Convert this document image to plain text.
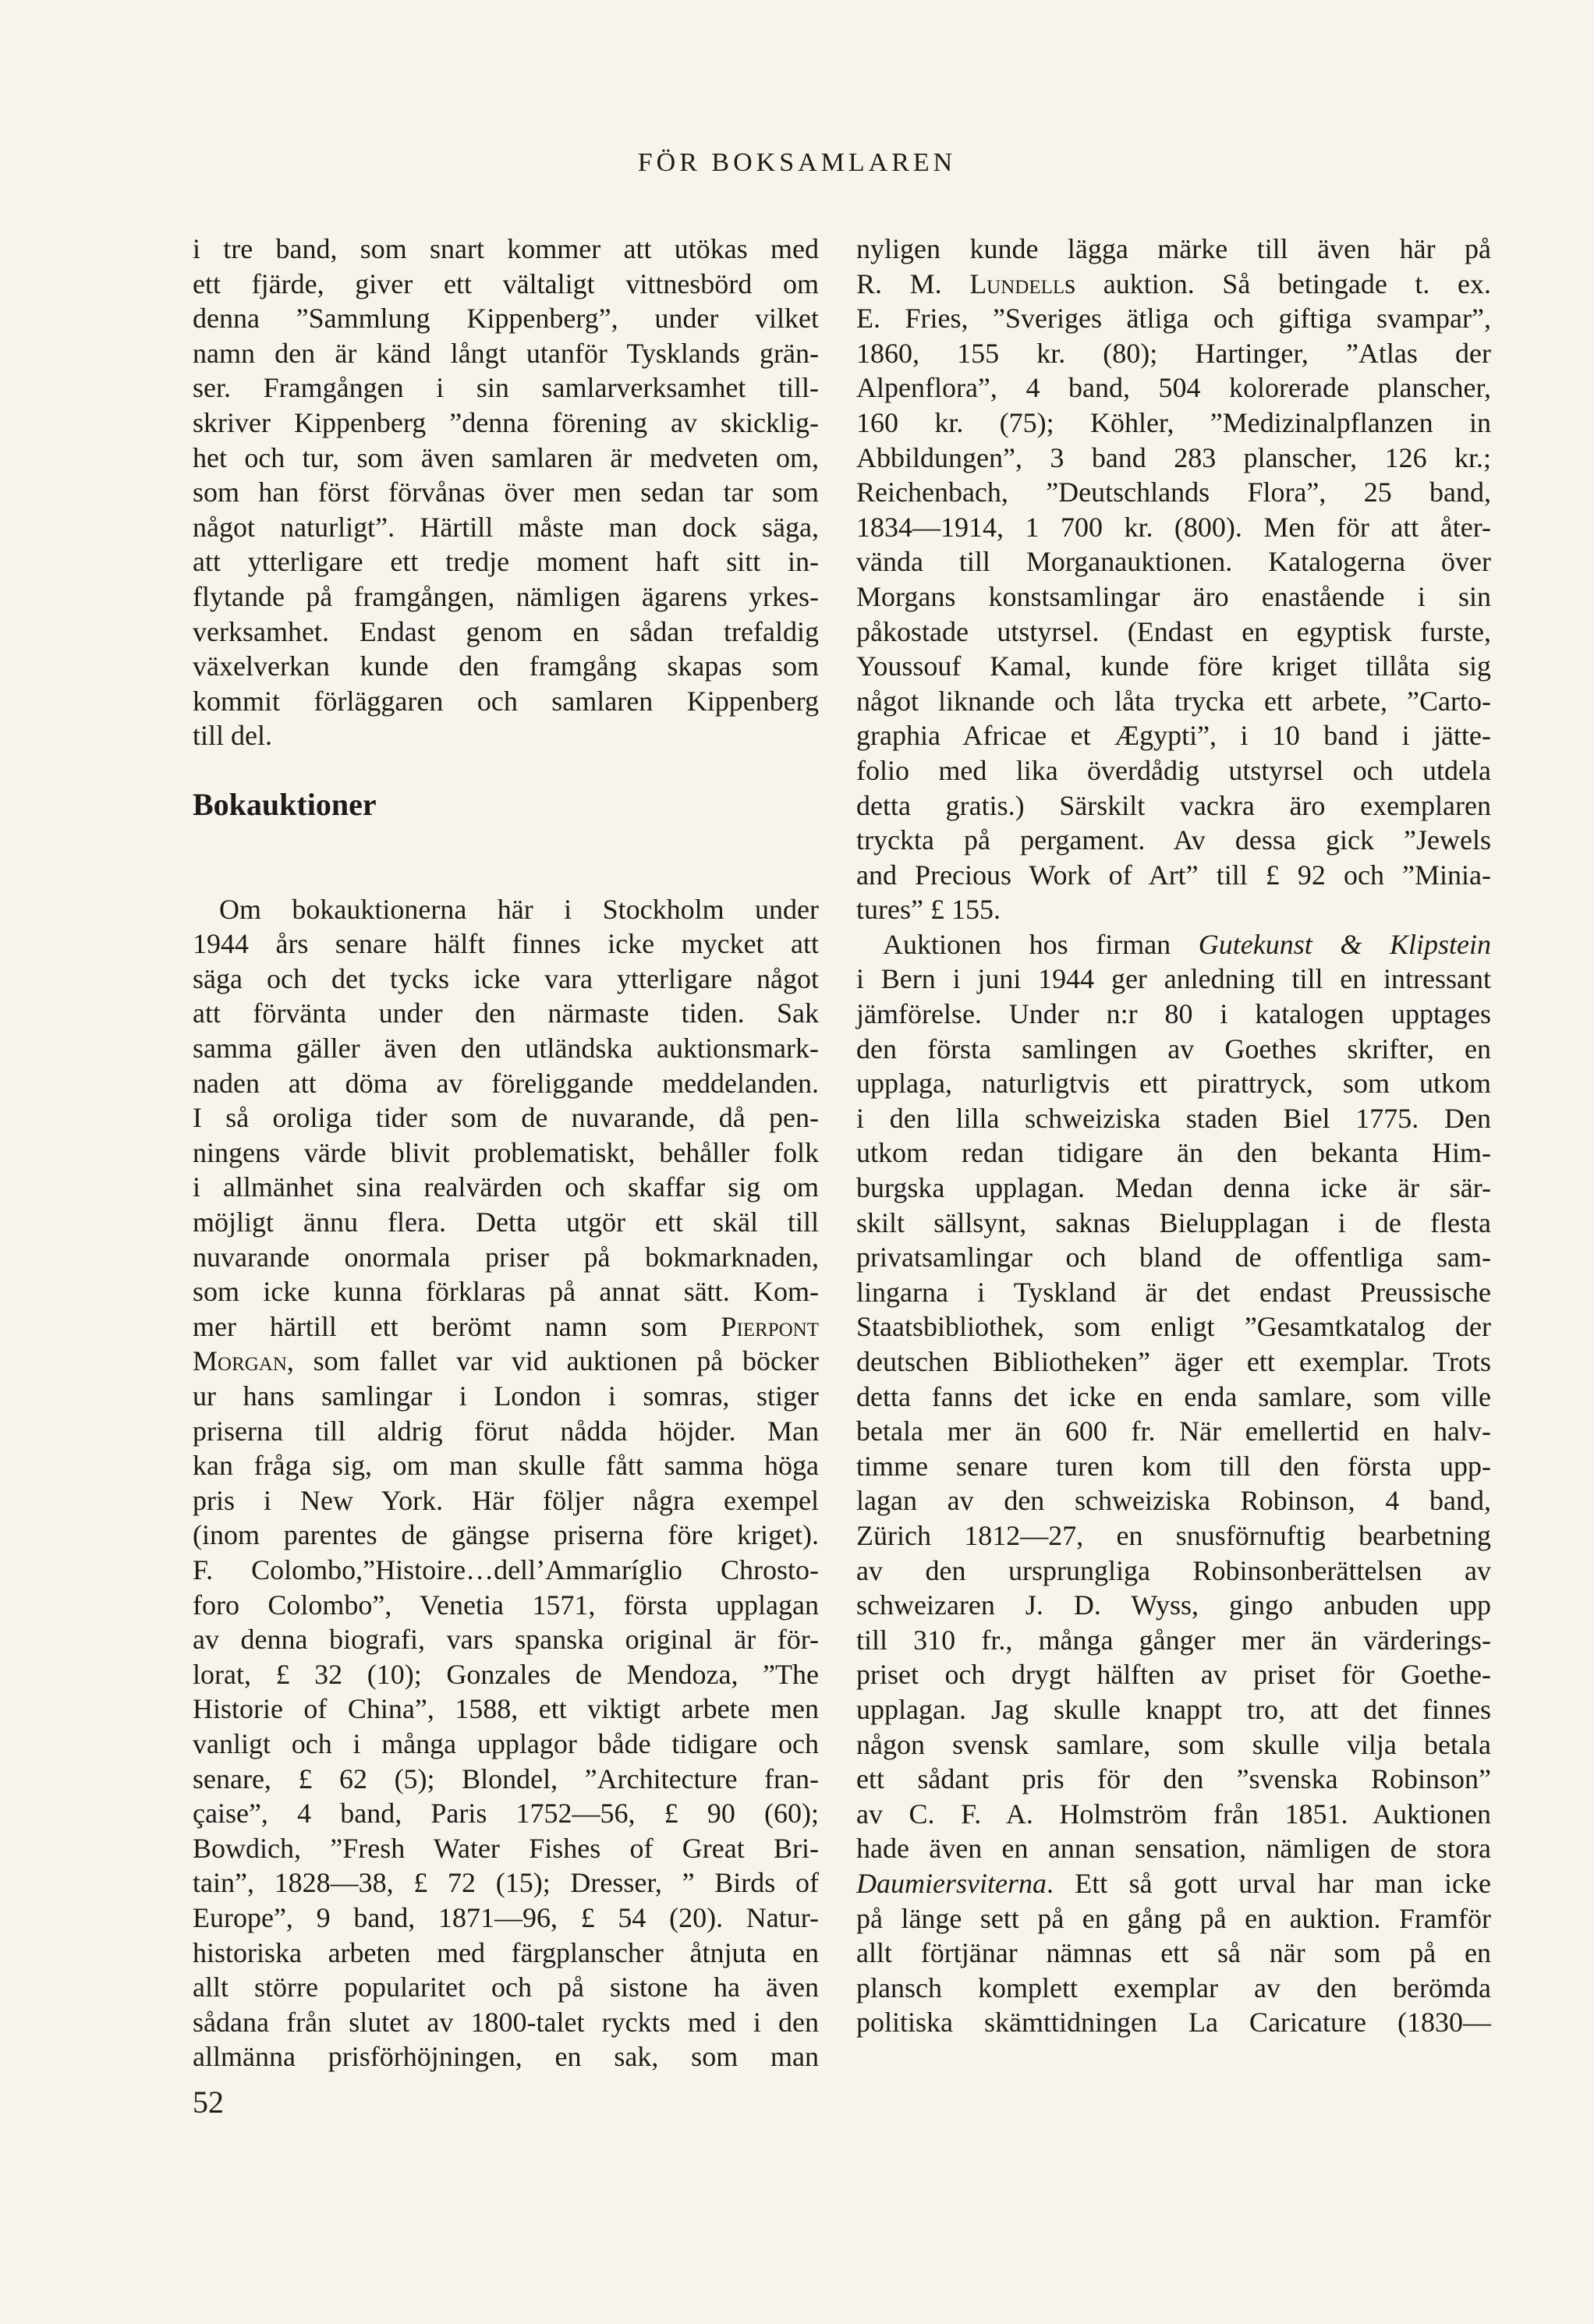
FÖR BOKSAMLAREN
i tre band, som snart kommer att utökas med
ett fjärde, giver ett vältaligt vittnesbörd om
denna ”Sammlung Kippenberg”, under vilket
namn den är känd långt utanför Tysklands grän-
ser. Framgången i sin samlarverksamhet till-
skriver Kippenberg ”denna förening av skicklig-
het och tur, som även samlaren är medveten om,
som han först förvånas över men sedan tar som
något naturligt”. Härtill måste man dock säga,
att ytterligare ett tredje moment haft sitt in-
flytande på framgången, nämligen ägarens yrkes-
verksamhet. Endast genom en sådan trefaldig
växelverkan kunde den framgång skapas som
kommit förläggaren och samlaren Kippenberg
till del.
Bokauktioner
Om bokauktionerna här i Stockholm under
1944 års senare hälft finnes icke mycket att
säga och det tycks icke vara ytterligare något
att förvänta under den närmaste tiden. Sak
samma gäller även den utländska auktionsmark-
naden att döma av föreliggande meddelanden.
I så oroliga tider som de nuvarande, då pen-
ningens värde blivit problematiskt, behåller folk
i allmänhet sina realvärden och skaffar sig om
möjligt ännu flera. Detta utgör ett skäl till
nuvarande onormala priser på bokmarknaden,
som icke kunna förklaras på annat sätt. Kom-
mer härtill ett berömt namn som Pierpont
Morgan, som fallet var vid auktionen på böcker
ur hans samlingar i London i somras, stiger
priserna till aldrig förut nådda höjder. Man
kan fråga sig, om man skulle fått samma höga
pris i New York. Här följer några exempel
(inom parentes de gängse priserna före kriget).
F. Colombo,”Histoire…dell’Ammaríglio Chrosto-
foro Colombo”, Venetia 1571, första upplagan
av denna biografi, vars spanska original är för-
lorat, £ 32 (10); Gonzales de Mendoza, ”The
Historie of China”, 1588, ett viktigt arbete men
vanligt och i många upplagor både tidigare och
senare, £ 62 (5); Blondel, ”Architecture fran-
çaise”, 4 band, Paris 1752—56, £ 90 (60);
Bowdich, ”Fresh Water Fishes of Great Bri-
tain”, 1828—38, £ 72 (15); Dresser, ” Birds of
Europe”, 9 band, 1871—96, £ 54 (20). Natur-
historiska arbeten med färgplanscher åtnjuta en
allt större popularitet och på sistone ha även
sådana från slutet av 1800-talet ryckts med i den
allmänna prisförhöjningen, en sak, som man
nyligen kunde lägga märke till även här på
R. M. Lundells auktion. Så betingade t. ex.
E. Fries, ”Sveriges ätliga och giftiga svampar”,
1860, 155 kr. (80); Hartinger, ”Atlas der
Alpenflora”, 4 band, 504 kolorerade planscher,
160 kr. (75); Köhler, ”Medizinalpflanzen in
Abbildungen”, 3 band 283 planscher, 126 kr.;
Reichenbach, ”Deutschlands Flora”, 25 band,
1834—1914, 1 700 kr. (800). Men för att åter-
vända till Morganauktionen. Katalogerna över
Morgans konstsamlingar äro enastående i sin
påkostade utstyrsel. (Endast en egyptisk furste,
Youssouf Kamal, kunde före kriget tillåta sig
något liknande och låta trycka ett arbete, ”Carto-
graphia Africae et Ægypti”, i 10 band i jätte-
folio med lika överdådig utstyrsel och utdela
detta gratis.) Särskilt vackra äro exemplaren
tryckta på pergament. Av dessa gick ”Jewels
and Precious Work of Art” till £ 92 och ”Minia-
tures” £ 155.
Auktionen hos firman Gutekunst & Klipstein
i Bern i juni 1944 ger anledning till en intressant
jämförelse. Under n:r 80 i katalogen upptages
den första samlingen av Goethes skrifter, en
upplaga, naturligtvis ett pirattryck, som utkom
i den lilla schweiziska staden Biel 1775. Den
utkom redan tidigare än den bekanta Him-
burgska upplagan. Medan denna icke är sär-
skilt sällsynt, saknas Bielupplagan i de flesta
privatsamlingar och bland de offentliga sam-
lingarna i Tyskland är det endast Preussische
Staatsbibliothek, som enligt ”Gesamtkatalog der
deutschen Bibliotheken” äger ett exemplar. Trots
detta fanns det icke en enda samlare, som ville
betala mer än 600 fr. När emellertid en halv-
timme senare turen kom till den första upp-
lagan av den schweiziska Robinson, 4 band,
Zürich 1812—27, en snusförnuftig bearbetning
av den ursprungliga Robinsonberättelsen av
schweizaren J. D. Wyss, gingo anbuden upp
till 310 fr., många gånger mer än värderings-
priset och drygt hälften av priset för Goethe-
upplagan. Jag skulle knappt tro, att det finnes
någon svensk samlare, som skulle vilja betala
ett sådant pris för den ”svenska Robinson”
av C. F. A. Holmström från 1851. Auktionen
hade även en annan sensation, nämligen de stora
Daumiersviterna. Ett så gott urval har man icke
på länge sett på en gång på en auktion. Framför
allt förtjänar nämnas ett så när som på en
plansch komplett exemplar av den berömda
politiska skämttidningen La Caricature (1830—
52
